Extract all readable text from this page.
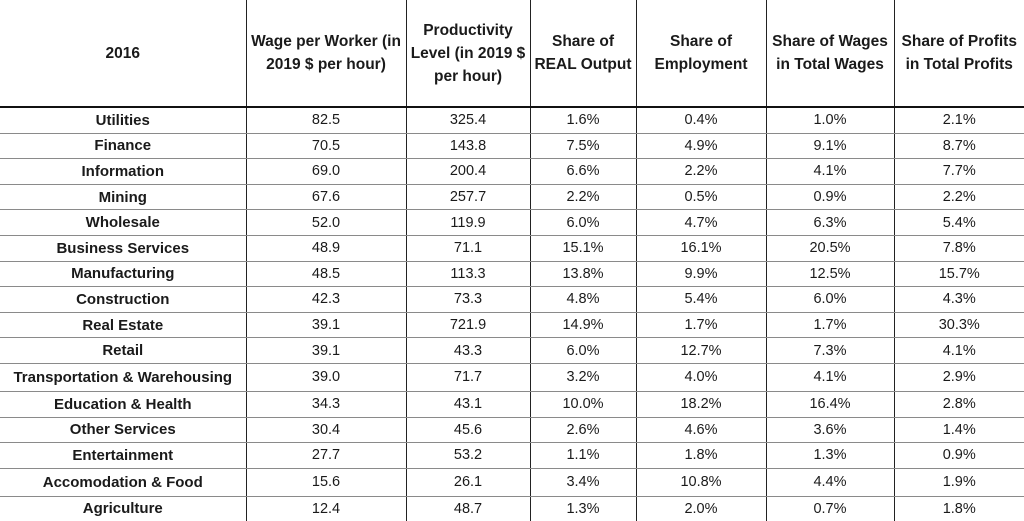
2016	Wage per Worker (in 2019 $ per hour)	Productivity Level (in 2019 $ per hour)	Share of REAL Output	Share of Employment	Share of Wages in Total Wages	Share of Profits in Total Profits
Utilities	82.5	325.4	1.6%	0.4%	1.0%	2.1%
Finance	70.5	143.8	7.5%	4.9%	9.1%	8.7%
Information	69.0	200.4	6.6%	2.2%	4.1%	7.7%
Mining	67.6	257.7	2.2%	0.5%	0.9%	2.2%
Wholesale	52.0	119.9	6.0%	4.7%	6.3%	5.4%
Business Services	48.9	71.1	15.1%	16.1%	20.5%	7.8%
Manufacturing	48.5	113.3	13.8%	9.9%	12.5%	15.7%
Construction	42.3	73.3	4.8%	5.4%	6.0%	4.3%
Real Estate	39.1	721.9	14.9%	1.7%	1.7%	30.3%
Retail	39.1	43.3	6.0%	12.7%	7.3%	4.1%
Transportation & Warehousing	39.0	71.7	3.2%	4.0%	4.1%	2.9%
Education & Health	34.3	43.1	10.0%	18.2%	16.4%	2.8%
Other Services	30.4	45.6	2.6%	4.6%	3.6%	1.4%
Entertainment	27.7	53.2	1.1%	1.8%	1.3%	0.9%
Accomodation & Food	15.6	26.1	3.4%	10.8%	4.4%	1.9%
Agriculture	12.4	48.7	1.3%	2.0%	0.7%	1.8%
